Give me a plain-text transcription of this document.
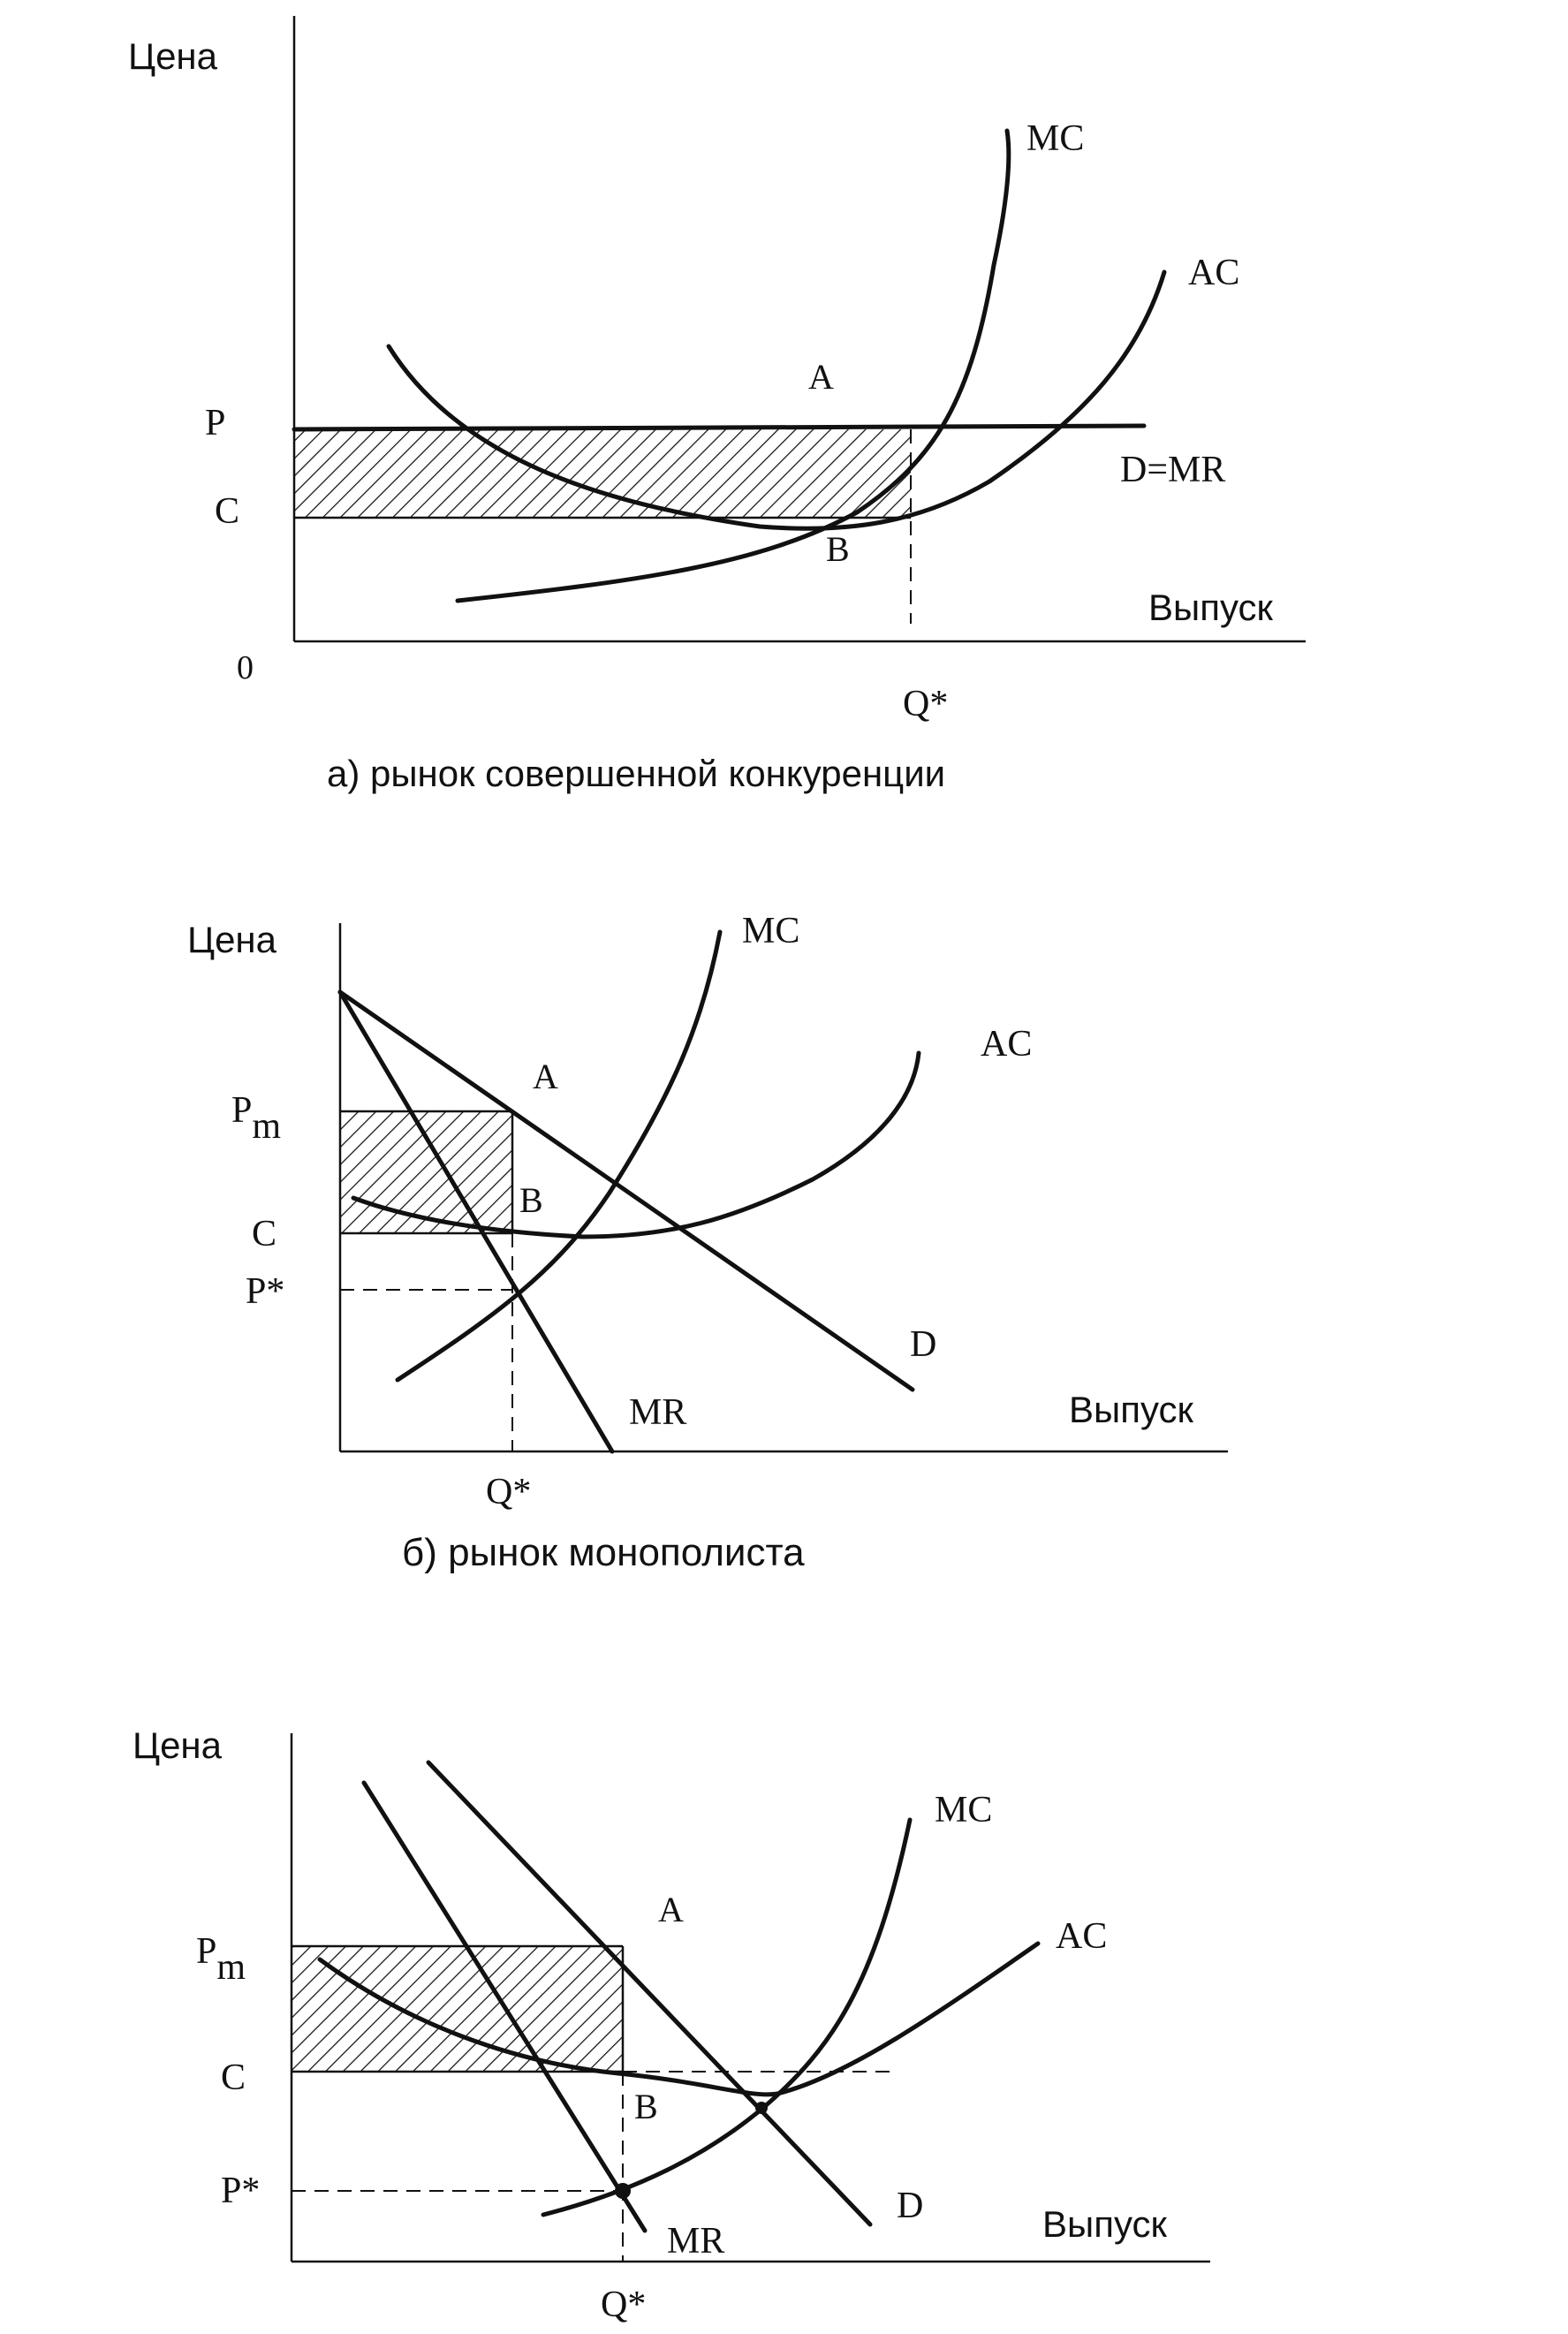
Цена
0
P
C
Q*
MC
AC
D=MR
A
B
Выпуск
а) рынок совершенной конкуренции
Цена
Pm
C
P*
Q*
MC
AC
D
MR
A
B
Выпуск
б) рынок монополиста
Цена
Pm
C
P*
Q*
MC
AC
D
MR
A
B
Выпуск
